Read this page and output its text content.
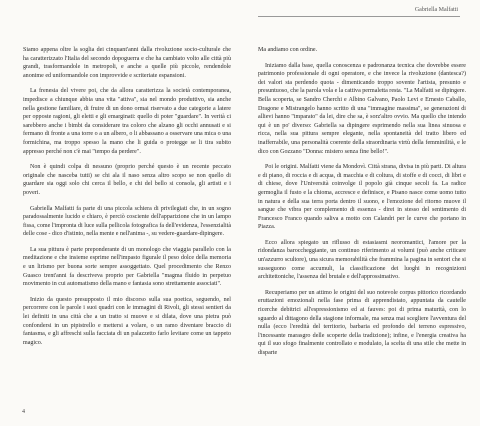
Gabriella Malfatti

Siamo appena oltre la soglia dei cinquant'anni dalla rivoluzione socio-culturale che ha caratterizzato l'Italia del secondo dopoguerra e che ha cambiato volto alle città più grandi, trasformandole in metropoli, e anche a quelle più piccole, rendendole anonime ed uniformandole con improvvide e scriteriate espansioni.

La frenesia del vivere poi, che da allora caratterizza la società contemporanea, impedisce a chiunque abbia una vita "attiva", sia nel mondo produttivo, sia anche nella gestione familiare, di fruire di un dono ormai riservato a due categorie a latere per opposte ragioni, gli eletti e gli emarginati: quello di poter "guardare". In verità ci sarebbero anche i bimbi da considerare tra coloro che alzano gli occhi annusati e si fermano di fronte a una torre o a un albero, o li abbassano a osservare una mica o una formichina, ma troppo spesso la mano che li guida o protegge se li tira subito appresso perché non c'è mai "tempo da perdere".

Non è quindi colpa di nessuno (proprio perché questo è un recente peccato originale che nasceba tutti) se chi ala il naso senza altro scopo se non quello di guardare sia oggi solo chi cerca il bello, e chi del bello si consola, gli artisti e i poveri.

Gabriella Malfatti fa parte di una piccola schiera di privilegiati che, in un sogno paradossalmente lucido e chiaro, è perciò cosciente dell'apparizione che in un lampo fissa, come l'impronta di luce sulla pellicola fotografica fa dell'evidenza, l'essenzialità delle cose - dico d'istinto, nella mente e nell'anima -, su vedere-guardare-dipingere.

La sua pittura è parte preponderante di un monologo che viaggia parallelo con la meditazione e che insieme esprime nell'impasto figurale il peso dolce della memoria e un lirismo per buona sorte sempre assoggettato. Quel procedimento che Renzo Guasco trent'anni fa descriveva proprio per Gabriella "magma fluido in perpetuo movimento in cui automatismo della mano e fantasia sono strettamente associati".

Inizio da questo presupposto il mio discorso sulla sua poetica, seguendo, nel percorrere con le parole i suoi quadri con le immagini di Rivoli, gli stessi sentieri da lei definiti in una città che a un tratto si muove e si dilata, dove una pietra può confondersi in un pipistrello e mettersi a volare, o un ramo diventare braccio di fantasma, e gli affreschi sulla facciata di un palazzetto farlo levitare come un tappeto magico.

Ma andiamo con ordine.

Iniziamo dalla base, quella conoscenza e padronanza tecnica che dovrebbe essere patrimonio professionale di ogni operatore, e che invece la rivoluzione (dantesca?) dei valori sta perdendo quota - dimenticando troppo sovente l'artista, presunto e presuntuoso, che la parola vola e la cattiva permaletta resta. "La Malfatti se dipingere. Bella scoperta, se Sandro Cherchi e Albino Galvano, Paolo Levi e Ernesto Caballo, Dragone e Mistrangelo hanno scritto di una "immagine massima", se generazioni di allievi hanno "imparato" da lei, dire che sa, è sorz'altro ovvio. Ma quello che intendo qui è un po' diverso: Gabriella sa dipingere esprimendo nella sua linea sinuosa e ricca, nella sua pittura sempre elegante, nella spontaneità del tratto libero ed inafferrabile, una personalità coerente della straordinaria virtù della femminilità, e le dico con Gozzano "Donna: mistero senza fine bello!".

Poi le origini. Malfatti viene da Mondovì. Città strana, divisa in più parti. Di altura e di piano, di roccia e di acqua, di macchia e di coltura, di stoffe e di cocci, di libri e di chiese, dove l'Università coinvolge il popolo già cinque secoli fa. La radice germoglia il fusto e la chioma, accresce e definisce, e Pisano nasce come uomo tutto in natura e della sua terra porta dentro il suono, e l'emozione del ritorno muove il sangue che vibra per complemento di essenza - direi in stesso del sentimento di Francesco Franco quando saliva a motto con Calandri per le curve che portano in Piazza.

Ecco allora spiegato un riflusso di estasiasmi neoromantici, l'amore per la ridondanza baroccheggiante, un continuo riferimento ai volumi (può anche criticare un'azzurro scultore), una sicura memorabilità che frammina la pagina in sentori che si susseguono come accumuli, la classificazione dei luoghi in recognizioni architettoniche, l'assenza del brutale e dell'approssimativo.

Recuperiamo per un attimo le origini del suo notevole corpus pittorico ricordando eruttazioni emozionali nella fase prima di apprendistato, appuntata da cautelle ricerche debitrici all'espressionismo ed ai fauves: poi di prima maturità, con lo sguardo al dittagono della stagione informale, ma senza mai scegliere l'avventura del nulla (ecco l'eredità del territorio, barbaria ed profondo del terreno espressivo, l'incessante marasgro delle scoperte della tradizione); infine, e l'energia creativa ha qui il suo sfogo finalmente controllato e modulato, la scelta di una stile che mette in disparte

4
